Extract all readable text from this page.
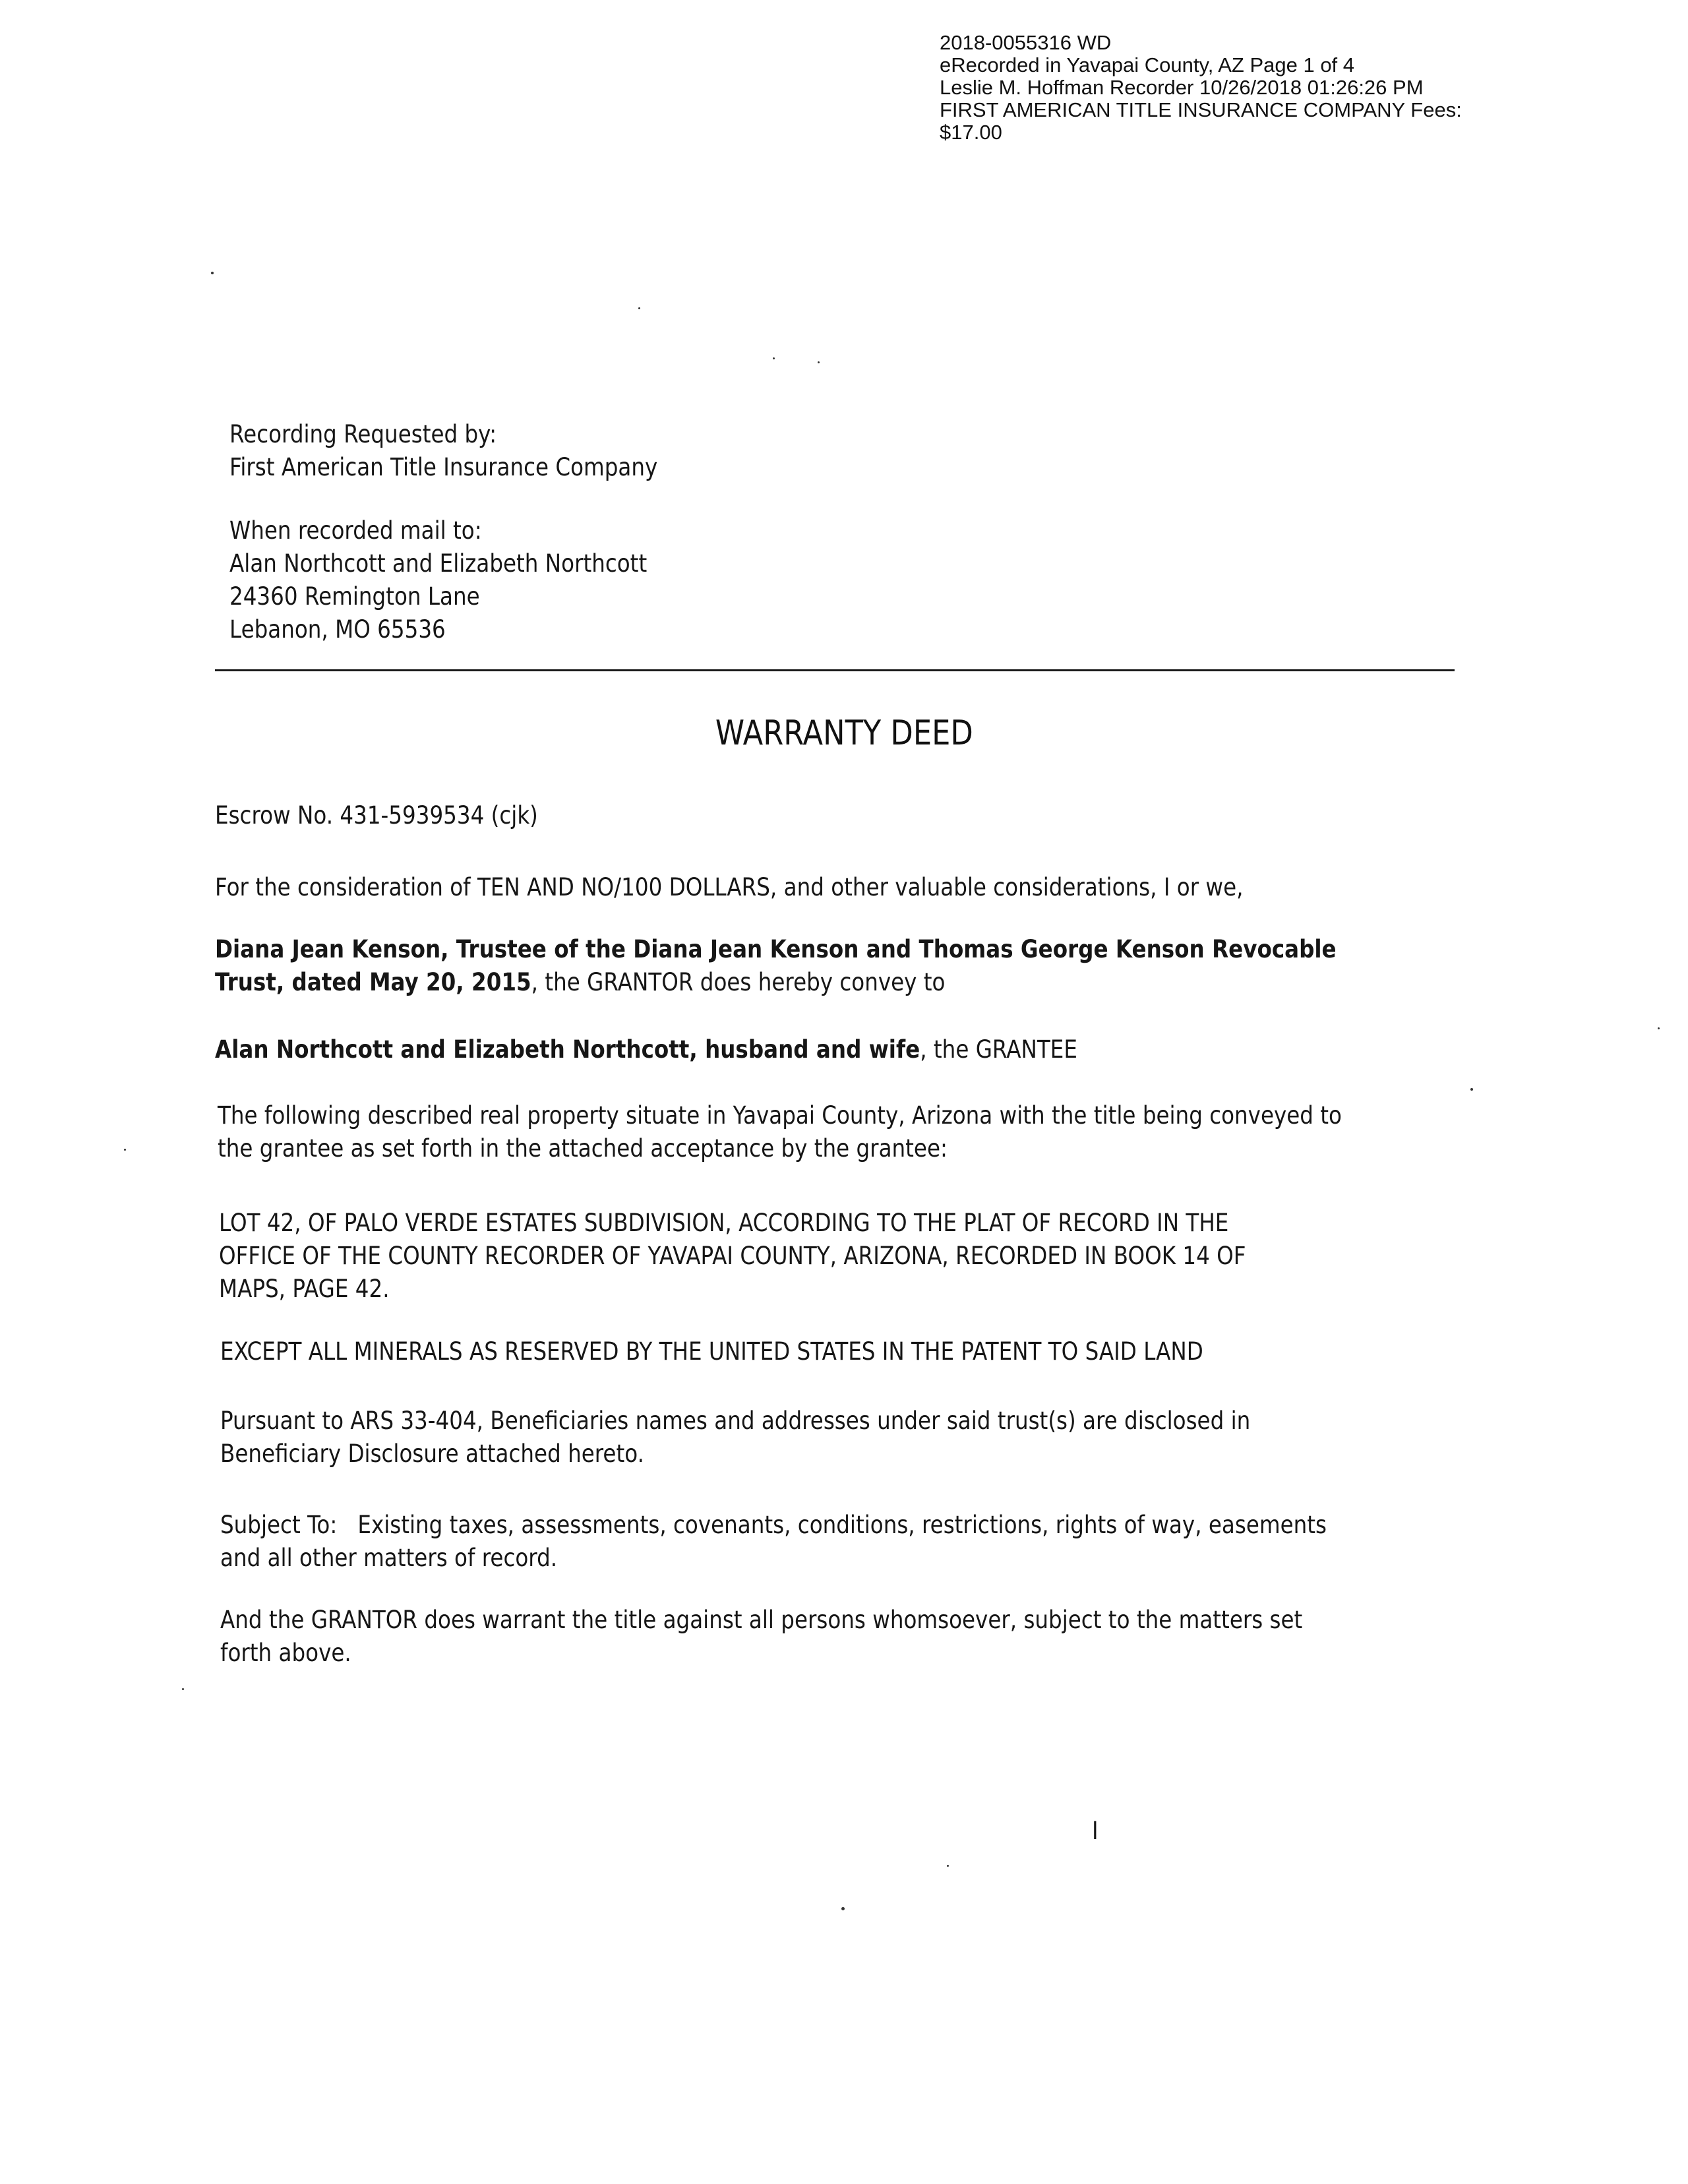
2018-0055316 WD
eRecorded in Yavapai County, AZ Page 1 of 4
Leslie M. Hoffman Recorder 10/26/2018 01:26:26 PM
FIRST AMERICAN TITLE INSURANCE COMPANY Fees:
$17.00
Recording Requested by:
First American Title Insurance Company
When recorded mail to:
Alan Northcott and Elizabeth Northcott
24360 Remington Lane
Lebanon, MO 65536
WARRANTY DEED
Escrow No. 431-5939534 (cjk)
For the consideration of TEN AND NO/100 DOLLARS, and other valuable considerations, I or we,
Diana Jean Kenson, Trustee of the Diana Jean Kenson and Thomas George Kenson Revocable
Trust, dated May 20, 2015, the GRANTOR does hereby convey to
Alan Northcott and Elizabeth Northcott, husband and wife, the GRANTEE
The following described real property situate in Yavapai County, Arizona with the title being conveyed to
the grantee as set forth in the attached acceptance by the grantee:
LOT 42, OF PALO VERDE ESTATES SUBDIVISION, ACCORDING TO THE PLAT OF RECORD IN THE
OFFICE OF THE COUNTY RECORDER OF YAVAPAI COUNTY, ARIZONA, RECORDED IN BOOK 14 OF
MAPS, PAGE 42.
EXCEPT ALL MINERALS AS RESERVED BY THE UNITED STATES IN THE PATENT TO SAID LAND
Pursuant to ARS 33-404, Beneficiaries names and addresses under said trust(s) are disclosed in
Beneficiary Disclosure attached hereto.
Subject To:   Existing taxes, assessments, covenants, conditions, restrictions, rights of way, easements
and all other matters of record.
And the GRANTOR does warrant the title against all persons whomsoever, subject to the matters set
forth above.
I
